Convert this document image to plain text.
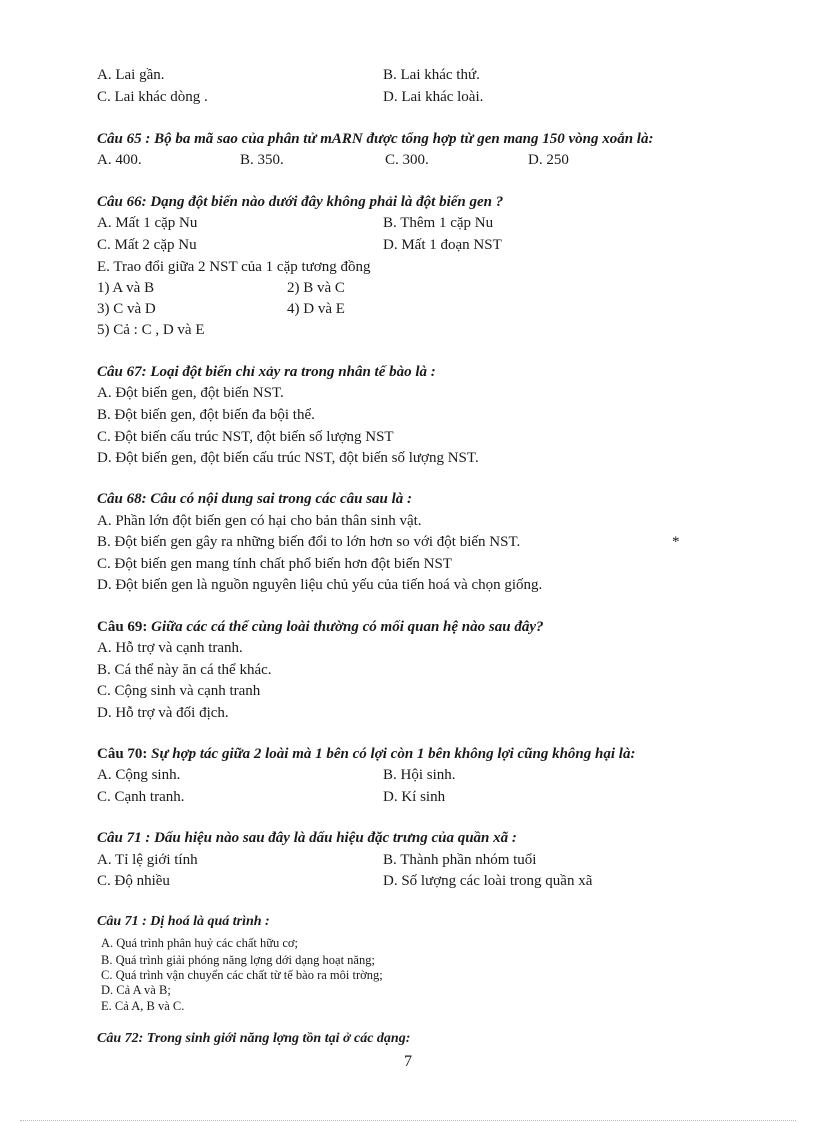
A. Lai gần.	B. Lai khác thứ.
C. Lai khác dòng .	D. Lai khác loài.
Câu 65 : Bộ ba mã sao của phân tử mARN được tổng hợp từ gen mang 150 vòng xoắn là:
A. 400.	B. 350.	C. 300.	D. 250
Câu 66: Dạng đột biến nào dưới đây không phải là đột biến gen ?
A. Mất 1 cặp Nu	B. Thêm 1 cặp Nu
C. Mất 2 cặp Nu	D. Mất 1 đoạn NST
E. Trao đổi giữa 2 NST của 1 cặp tương đồng
1) A và B	2) B và C
3) C và D	4) D và E
5) Cả : C , D và E
Câu 67: Loại đột biến chỉ xảy ra trong nhân tế bào là :
A. Đột biến gen, đột biến NST.
B. Đột biến gen, đột biến đa bội thể.
C. Đột biến cấu trúc NST, đột biến số lượng NST
D. Đột biến gen, đột biến cấu trúc NST, đột biến số lượng NST.
Câu 68: Câu có nội dung sai trong các câu sau là :
A. Phần lớn đột biến gen có hại cho bản thân sinh vật.
B. Đột biến gen gây ra những biến đổi to lớn hơn so với đột biến NST.	*
C. Đột biến gen mang tính chất phổ biến hơn đột biến NST
D. Đột biến gen là nguồn nguyên liệu chủ yếu của tiến hoá và chọn giống.
Câu 69: Giữa các cá thể cùng loài thường có mối quan hệ nào sau đây?
A. Hỗ trợ và cạnh tranh.
B. Cá thể này ăn cá thể khác.
C. Cộng sinh và cạnh tranh
D. Hỗ trợ và đối địch.
Câu 70: Sự hợp tác giữa 2 loài mà 1 bên có lợi còn 1 bên không lợi cũng không hại là:
A. Cộng sinh.	B. Hội sinh.
C. Cạnh tranh.	D. Kí sinh
Câu 71 : Dấu hiệu nào sau đây là dấu hiệu đặc trưng của quần xã :
A. Tỉ lệ giới tính	B. Thành phần nhóm tuổi
C. Độ nhiều	D. Số lượng các loài trong quần xã
Câu 71 : Dị hoá là quá trình :
A. Quá trình phân huỷ các chất hữu cơ;
B. Quá trình giải phóng năng lợng dới dạng hoạt năng;
C. Quá trình vận chuyển các chất từ tế bào ra môi trờng;
D. Cả A và B;
E. Cả A, B và C.
Câu 72: Trong sinh giới năng lợng tồn tại ở các dạng:
7
